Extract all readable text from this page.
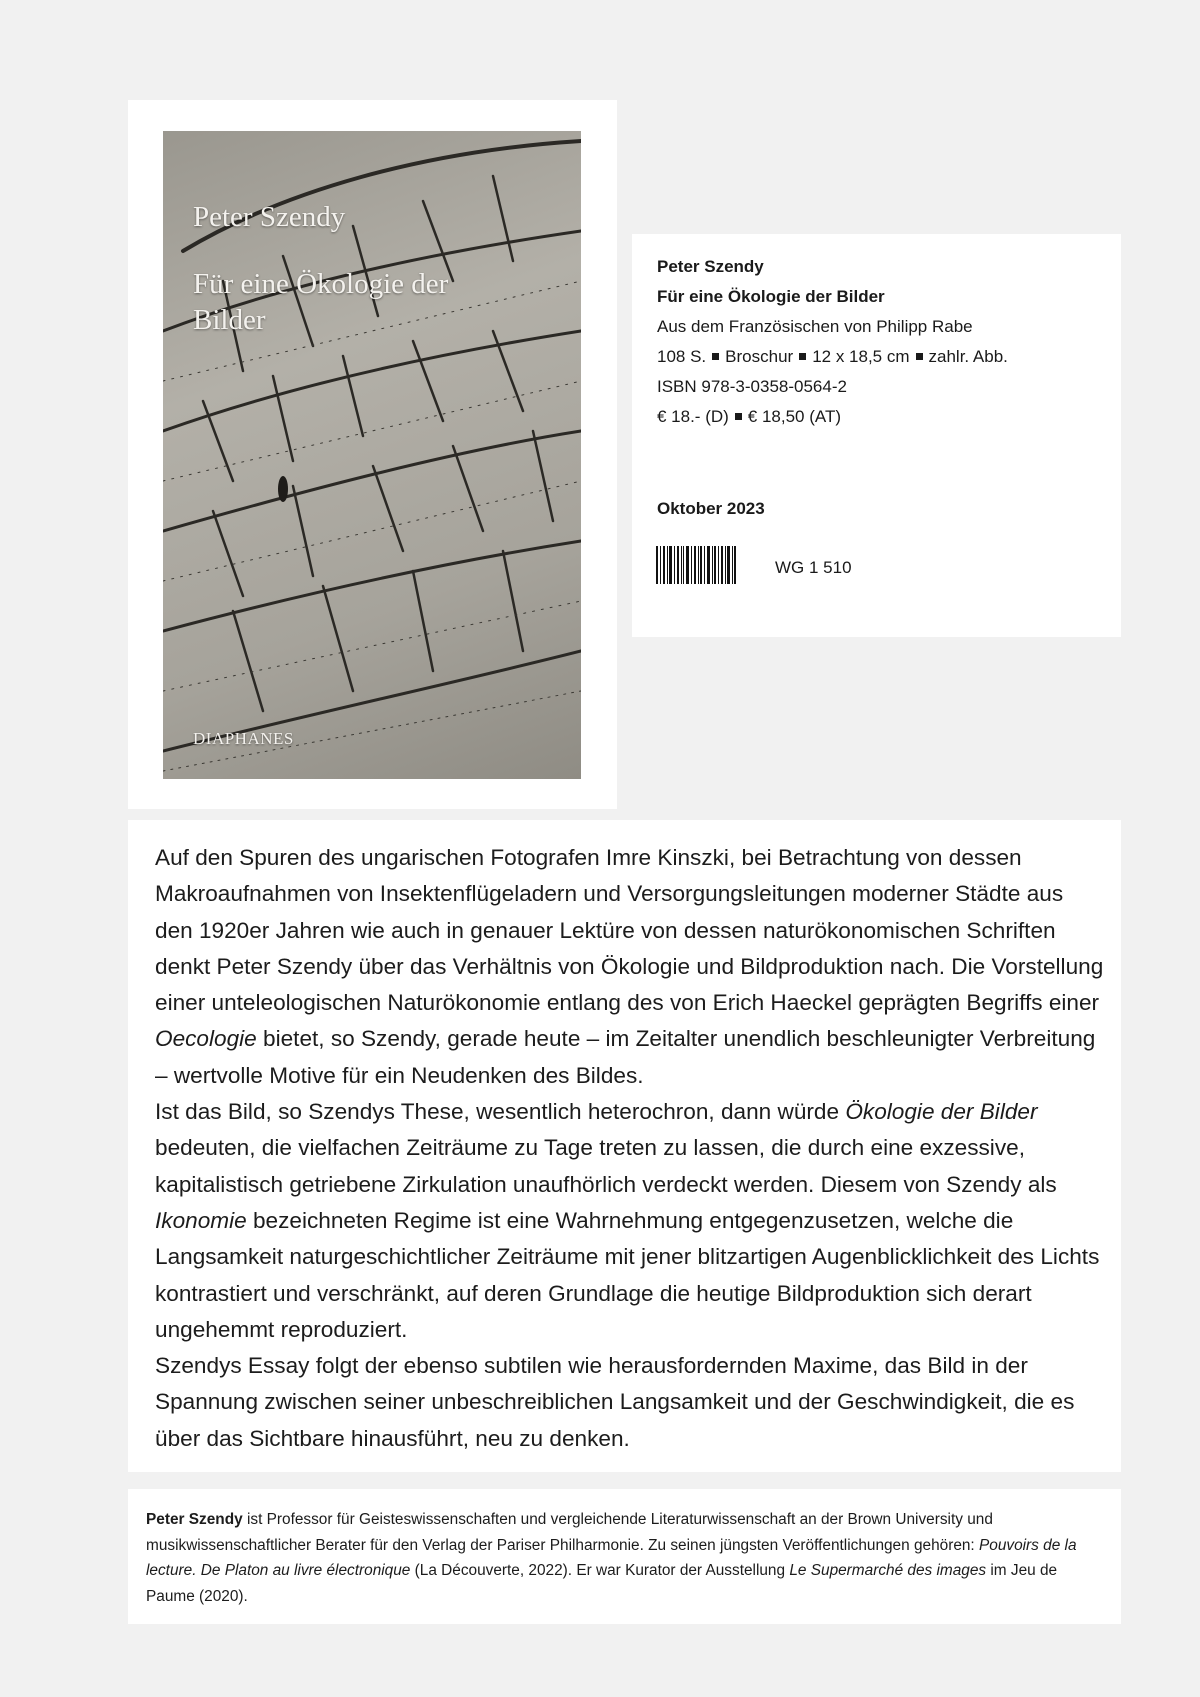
Peter Szendy
Für eine Ökologie der Bilder
DIAPHANES
Peter Szendy
Für eine Ökologie der Bilder
Aus dem Französischen von Philipp Rabe
108 S. Broschur 12 x 18,5 cm zahlr. Abb.
ISBN 978-3-0358-0564-2
€ 18.- (D) € 18,50 (AT)
Oktober 2023
WG 1 510

Auf den Spuren des ungarischen Fotografen Imre Kinszki, bei Betrachtung von dessen Makroaufnahmen von Insektenflügeladern und Versorgungsleitungen moderner Städte aus den 1920er Jahren wie auch in genauer Lektüre von dessen naturökonomischen Schriften denkt Peter Szendy über das Verhältnis von Ökologie und Bildproduktion nach. Die Vorstellung einer unteleologischen Naturökonomie entlang des von Erich Haeckel geprägten Begriffs einer Oecologie bietet, so Szendy, gerade heute – im Zeitalter unendlich beschleunigter Verbreitung – wertvolle Motive für ein Neudenken des Bildes.

Ist das Bild, so Szendys These, wesentlich heterochron, dann würde Ökologie der Bilder bedeuten, die vielfachen Zeiträume zu Tage treten zu lassen, die durch eine exzessive, kapitalistisch getriebene Zirkulation unaufhörlich verdeckt werden. Diesem von Szendy als Ikonomie bezeichneten Regime ist eine Wahrnehmung entgegenzusetzen, welche die Langsamkeit naturgeschichtlicher Zeiträume mit jener blitzartigen Augenblicklichkeit des Lichts kontrastiert und verschränkt, auf deren Grundlage die heutige Bildproduktion sich derart ungehemmt reproduziert.

Szendys Essay folgt der ebenso subtilen wie herausfordernden Maxime, das Bild in der Spannung zwischen seiner unbeschreiblichen Langsamkeit und der Geschwindigkeit, die es über das Sichtbare hinausführt, neu zu denken.

Peter Szendy ist Professor für Geisteswissenschaften und vergleichende Literaturwissenschaft an der Brown University und musikwissenschaftlicher Berater für den Verlag der Pariser Philharmonie. Zu seinen jüngsten Veröffentlichungen gehören: Pouvoirs de la lecture. De Platon au livre électronique (La Découverte, 2022). Er war Kurator der Ausstellung Le Supermarché des images im Jeu de Paume (2020).
